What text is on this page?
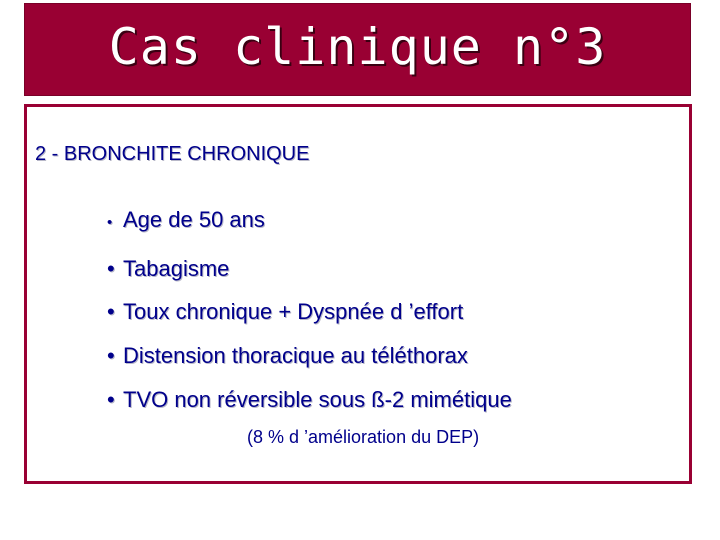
Cas clinique n°3
2 - BRONCHITE CHRONIQUE
• Age de 50 ans
• Tabagisme
• Toux chronique + Dyspnée d ’effort
• Distension thoracique au téléthorax
• TVO non réversible sous ß-2 mimétique
(8 % d ’amélioration du DEP)
